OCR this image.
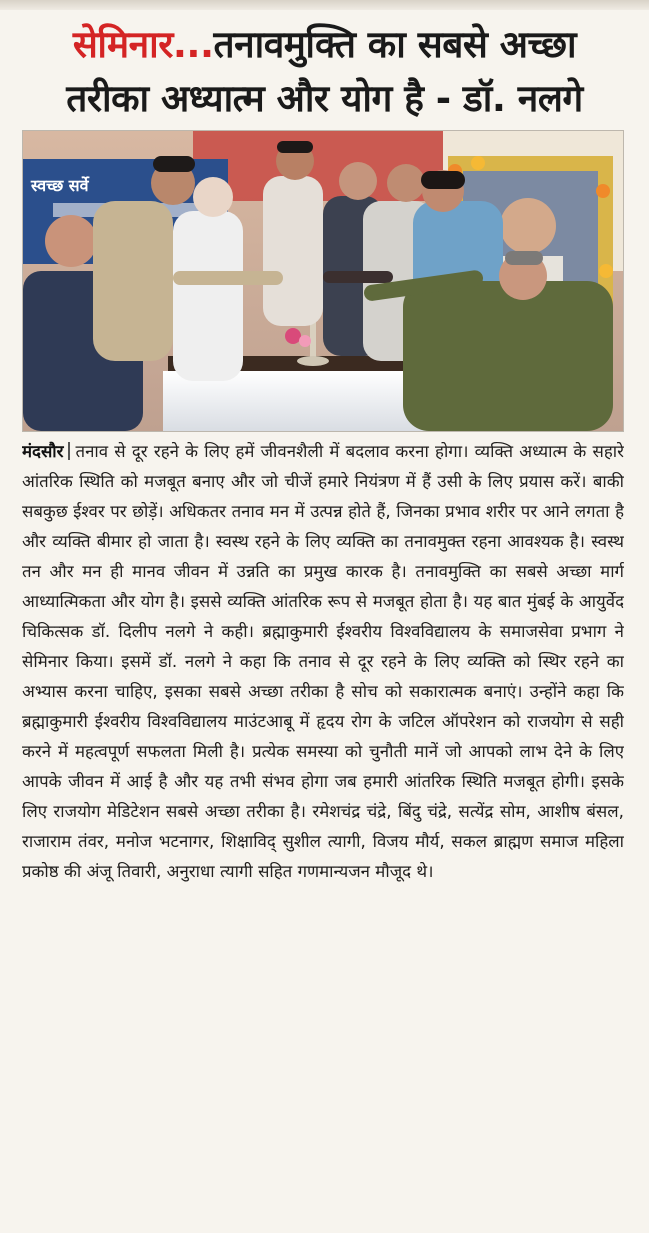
सेमिनार...तनावमुक्ति का सबसे अच्छा
तरीका अध्यात्म और योग है - डॉ. नलगे
स्वच्छ सर्वे
मंदसौर तनाव से दूर रहने के लिए हमें जीवनशैली में बदलाव करना होगा। व्यक्ति अध्यात्म के सहारे आंतरिक स्थिति को मजबूत बनाए और जो चीजें हमारे नियंत्रण में हैं उसी के लिए प्रयास करें। बाकी सबकुछ ईश्वर पर छोड़ें। अधिकतर तनाव मन में उत्पन्न होते हैं, जिनका प्रभाव शरीर पर आने लगता है और व्यक्ति बीमार हो जाता है। स्वस्थ रहने के लिए व्यक्ति का तनावमुक्त रहना आवश्यक है। स्वस्थ तन और मन ही मानव जीवन में उन्नति का प्रमुख कारक है। तनावमुक्ति का सबसे अच्छा मार्ग आध्यात्मिकता और योग है। इससे व्यक्ति आंतरिक रूप से मजबूत होता है। यह बात मुंबई के आयुर्वेद चिकित्सक डॉ. दिलीप नलगे ने कही। ब्रह्माकुमारी ईश्वरीय विश्वविद्यालय के समाजसेवा प्रभाग ने सेमिनार किया। इसमें डॉ. नलगे ने कहा कि तनाव से दूर रहने के लिए व्यक्ति को स्थिर रहने का अभ्यास करना चाहिए, इसका सबसे अच्छा तरीका है सोच को सकारात्मक बनाएं। उन्होंने कहा कि ब्रह्माकुमारी ईश्वरीय विश्वविद्यालय माउंटआबू में हृदय रोग के जटिल ऑपरेशन को राजयोग से सही करने में महत्वपूर्ण सफलता मिली है। प्रत्येक समस्या को चुनौती मानें जो आपको लाभ देने के लिए आपके जीवन में आई है और यह तभी संभव होगा जब हमारी आंतरिक स्थिति मजबूत होगी। इसके लिए राजयोग मेडिटेशन सबसे अच्छा तरीका है। रमेशचंद्र चंद्रे, बिंदु चंद्रे, सत्येंद्र सोम, आशीष बंसल, राजाराम तंवर, मनोज भटनागर, शिक्षाविद् सुशील त्यागी, विजय मौर्य, सकल ब्राह्मण समाज महिला प्रकोष्ठ की अंजू तिवारी, अनुराधा त्यागी सहित गणमान्यजन मौजूद थे।
